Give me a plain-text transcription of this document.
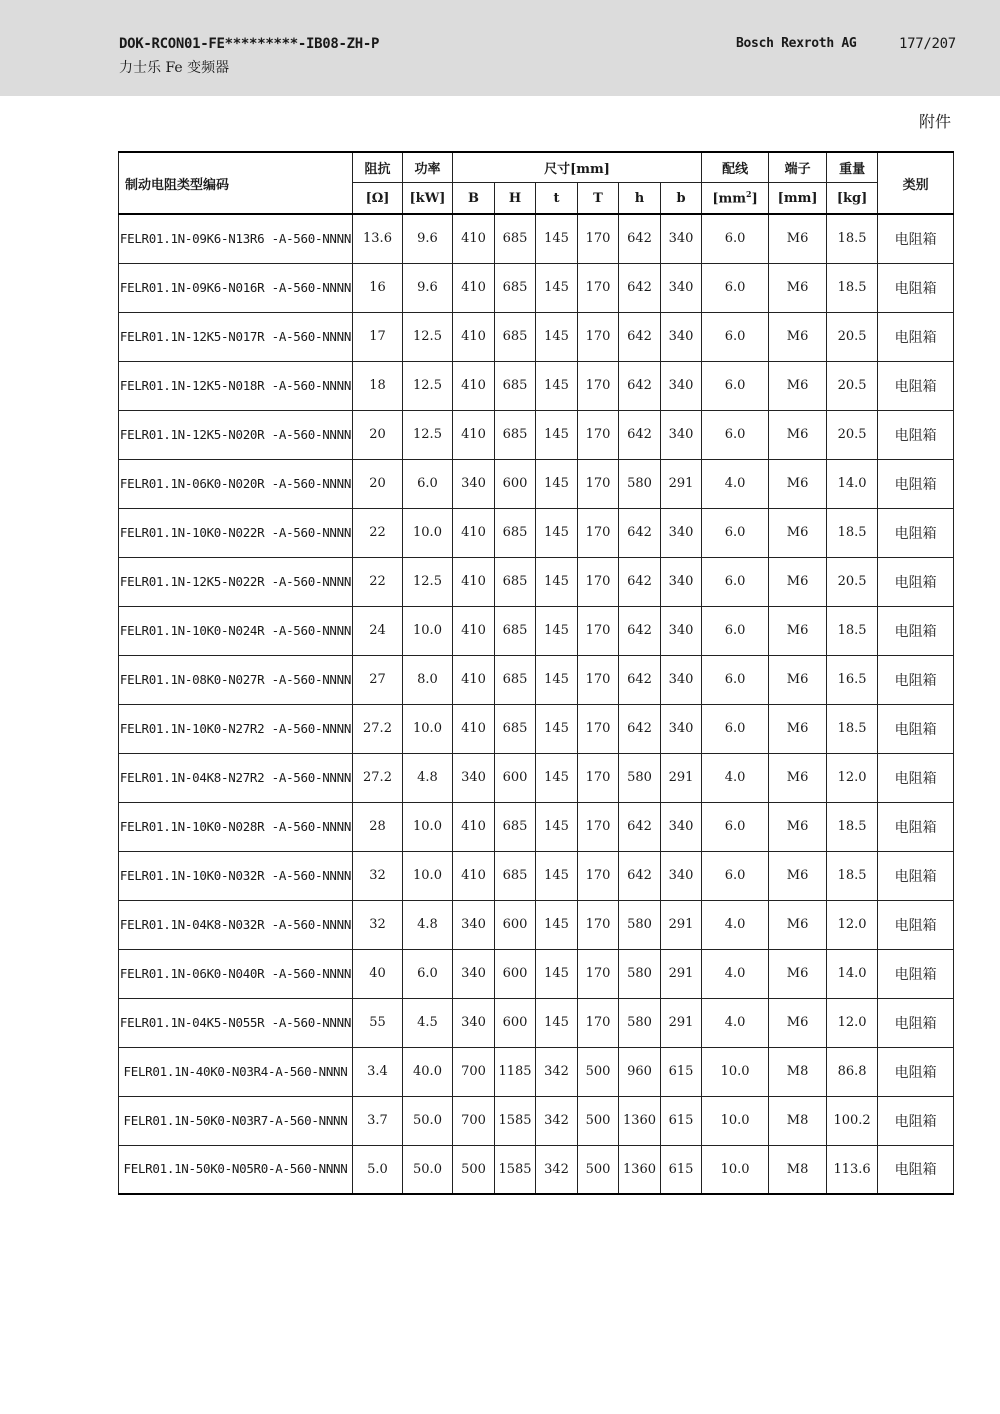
DOK-RCON01-FE*********-IB08-ZH-P
力士乐 Fe 变频器
Bosch Rexroth AG	177/207
附件
制动电阻类型编码	阻抗	功率	尺寸[mm]						配线	端子	重量	类别
	[Ω]	[kW]	B	H	t	T	h	b	$[mm^2]$	[mm]	[kg]	
FELR01.1N-09K6-N13R6 -A-560-NNNN	13.6	9.6	410	685	145	170	642	340	6.0	M6	18.5	电阻箱
FELR01.1N-09K6-N016R -A-560-NNNN	16	9.6	410	685	145	170	642	340	6.0	M6	18.5	电阻箱
FELR01.1N-12K5-N017R -A-560-NNNN	17	12.5	410	685	145	170	642	340	6.0	M6	20.5	电阻箱
FELR01.1N-12K5-N018R -A-560-NNNN	18	12.5	410	685	145	170	642	340	6.0	M6	20.5	电阻箱
FELR01.1N-12K5-N020R -A-560-NNNN	20	12.5	410	685	145	170	642	340	6.0	M6	20.5	电阻箱
FELR01.1N-06K0-N020R -A-560-NNNN	20	6.0	340	600	145	170	580	291	4.0	M6	14.0	电阻箱
FELR01.1N-10K0-N022R -A-560-NNNN	22	10.0	410	685	145	170	642	340	6.0	M6	18.5	电阻箱
FELR01.1N-12K5-N022R -A-560-NNNN	22	12.5	410	685	145	170	642	340	6.0	M6	20.5	电阻箱
FELR01.1N-10K0-N024R -A-560-NNNN	24	10.0	410	685	145	170	642	340	6.0	M6	18.5	电阻箱
FELR01.1N-08K0-N027R -A-560-NNNN	27	8.0	410	685	145	170	642	340	6.0	M6	16.5	电阻箱
FELR01.1N-10K0-N27R2 -A-560-NNNN	27.2	10.0	410	685	145	170	642	340	6.0	M6	18.5	电阻箱
FELR01.1N-04K8-N27R2 -A-560-NNNN	27.2	4.8	340	600	145	170	580	291	4.0	M6	12.0	电阻箱
FELR01.1N-10K0-N028R -A-560-NNNN	28	10.0	410	685	145	170	642	340	6.0	M6	18.5	电阻箱
FELR01.1N-10K0-N032R -A-560-NNNN	32	10.0	410	685	145	170	642	340	6.0	M6	18.5	电阻箱
FELR01.1N-04K8-N032R -A-560-NNNN	32	4.8	340	600	145	170	580	291	4.0	M6	12.0	电阻箱
FELR01.1N-06K0-N040R -A-560-NNNN	40	6.0	340	600	145	170	580	291	4.0	M6	14.0	电阻箱
FELR01.1N-04K5-N055R -A-560-NNNN	55	4.5	340	600	145	170	580	291	4.0	M6	12.0	电阻箱
FELR01.1N-40K0-N03R4-A-560-NNNN	3.4	40.0	700	1185	342	500	960	615	10.0	M8	86.8	电阻箱
FELR01.1N-50K0-N03R7-A-560-NNNN	3.7	50.0	700	1585	342	500	1360	615	10.0	M8	100.2	电阻箱
FELR01.1N-50K0-N05R0-A-560-NNNN	5.0	50.0	500	1585	342	500	1360	615	10.0	M8	113.6	电阻箱
